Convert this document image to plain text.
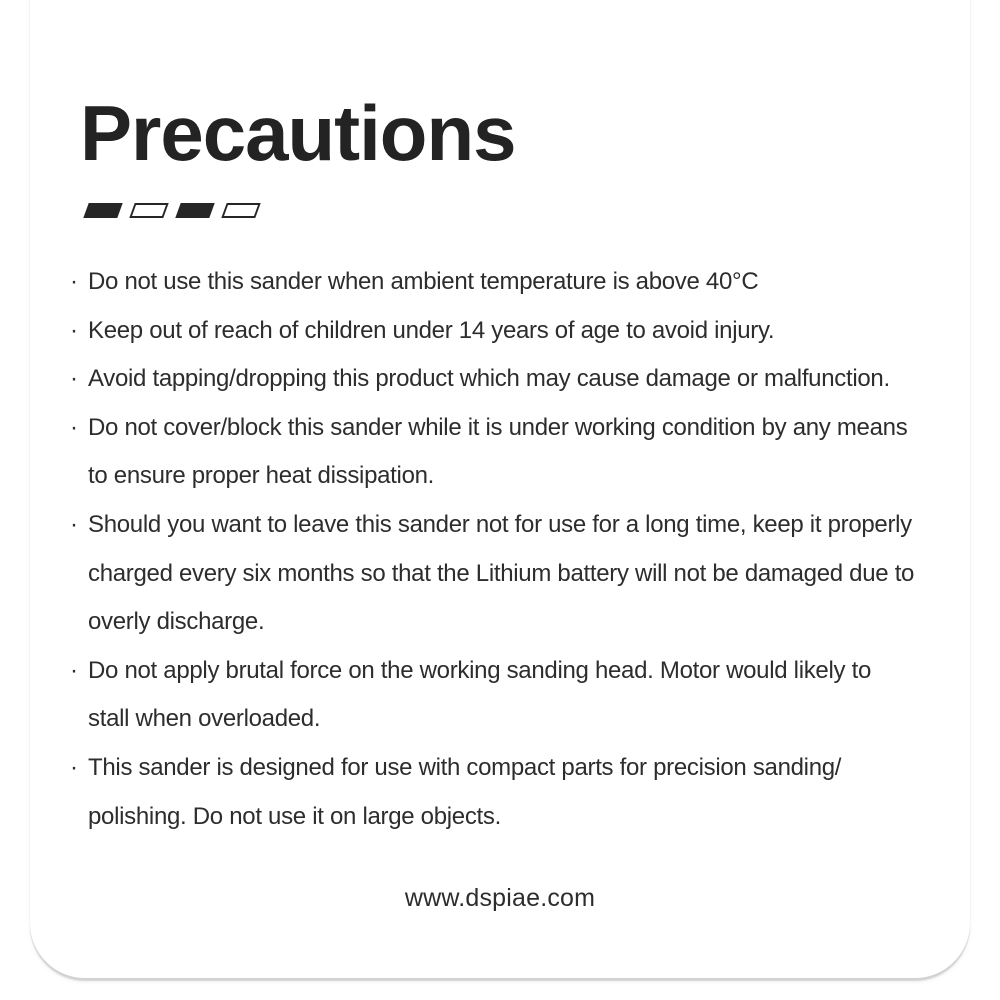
Precautions
· Do not use this sander when ambient temperature is above 40°C
· Keep out of reach of children under 14 years of age to avoid injury.
· Avoid tapping/dropping this product which may cause damage or malfunction.
· Do not cover/block this sander while it is under working condition by any means
to ensure proper heat dissipation.
· Should you want to leave this sander not for use for a long time, keep it properly
charged every six months so that the Lithium battery will not be damaged due to
overly discharge.
· Do not apply brutal force on the working sanding head. Motor would likely to
stall when overloaded.
· This sander is designed for use with compact parts for precision sanding/
polishing. Do not use it on large objects.
www.dspiae.com
